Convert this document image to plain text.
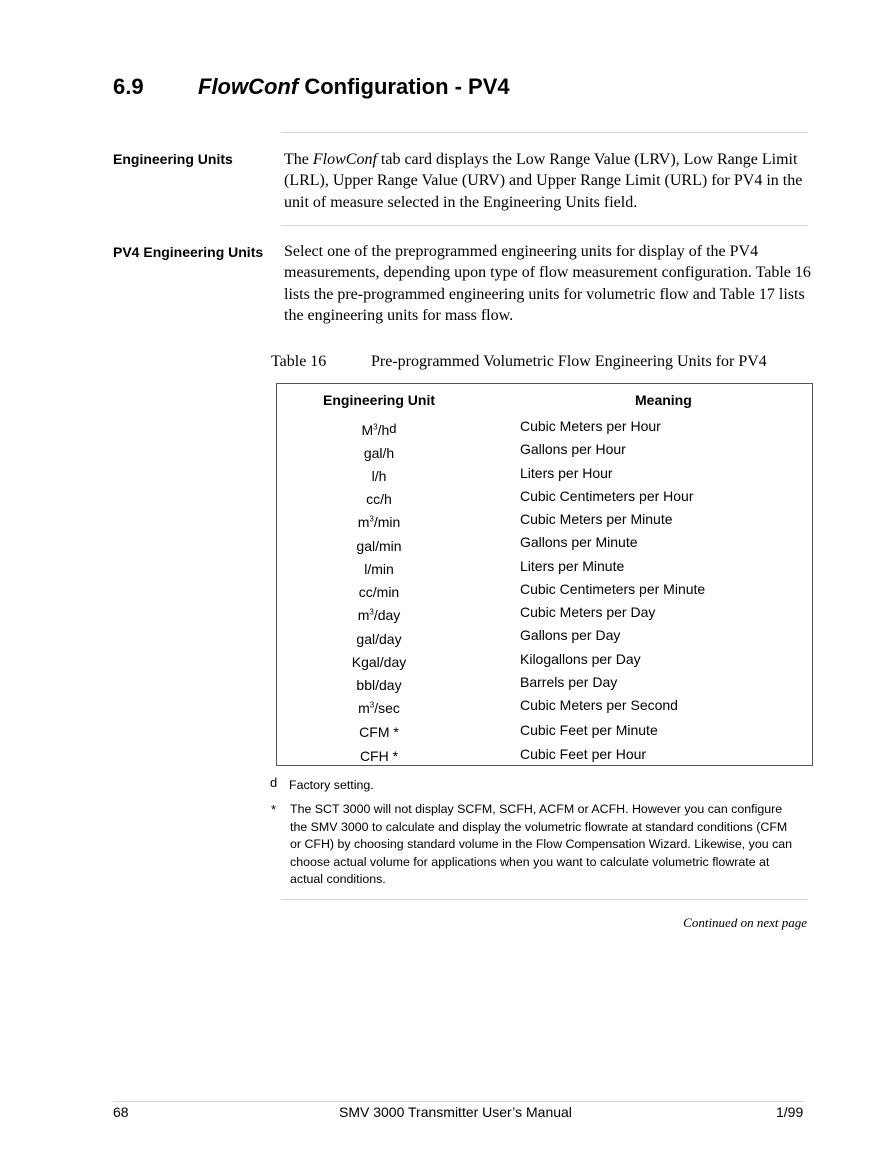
6.9 FlowConf Configuration - PV4
Engineering Units	The FlowConf tab card displays the Low Range Value (LRV), Low Range Limit (LRL), Upper Range Value (URV) and Upper Range Limit (URL) for PV4 in the unit of measure selected in the Engineering Units field.
PV4 Engineering Units Select one of the preprogrammed engineering units for display of the PV4 measurements, depending upon type of flow measurement configuration. Table 16 lists the pre-programmed engineering units for volumetric flow and Table 17 lists the engineering units for mass flow.
Table 16	Pre-programmed Volumetric Flow Engineering Units for PV4
Engineering Unit	Meaning
$M^3/hd$	Cubic Meters per Hour
gal/h	Gallons per Hour
l/h	Liters per Hour
cc/h	Cubic Centimeters per Hour
$m^3/\min$	Cubic Meters per Minute
gal/min	Gallons per Minute
l/min	Liters per Minute
cc/min	Cubic Centimeters per Minute
$m^3$/day	Cubic Meters per Day
gal/day	Gallons per Day
Kgal/day	Kilogallons per Day
bbl/day	Barrels per Day
$m^3/\sec$	Cubic Meters per Second
CFM *	Cubic Feet per Minute
CFH *	Cubic Feet per Hour
d Factory setting.
*	The SCT 3000 will not display SCFM, SCFH, ACFM or ACFH. However you can configure the SMV 3000 to calculate and display the volumetric flowrate at standard conditions (CFM or CFH) by choosing standard volume in the Flow Compensation Wizard. Likewise, you can choose actual volume for applications when you want to calculate volumetric flowrate at actual conditions.
Continued on next page
68	SMV 3000 Transmitter User’s Manual	1/99
